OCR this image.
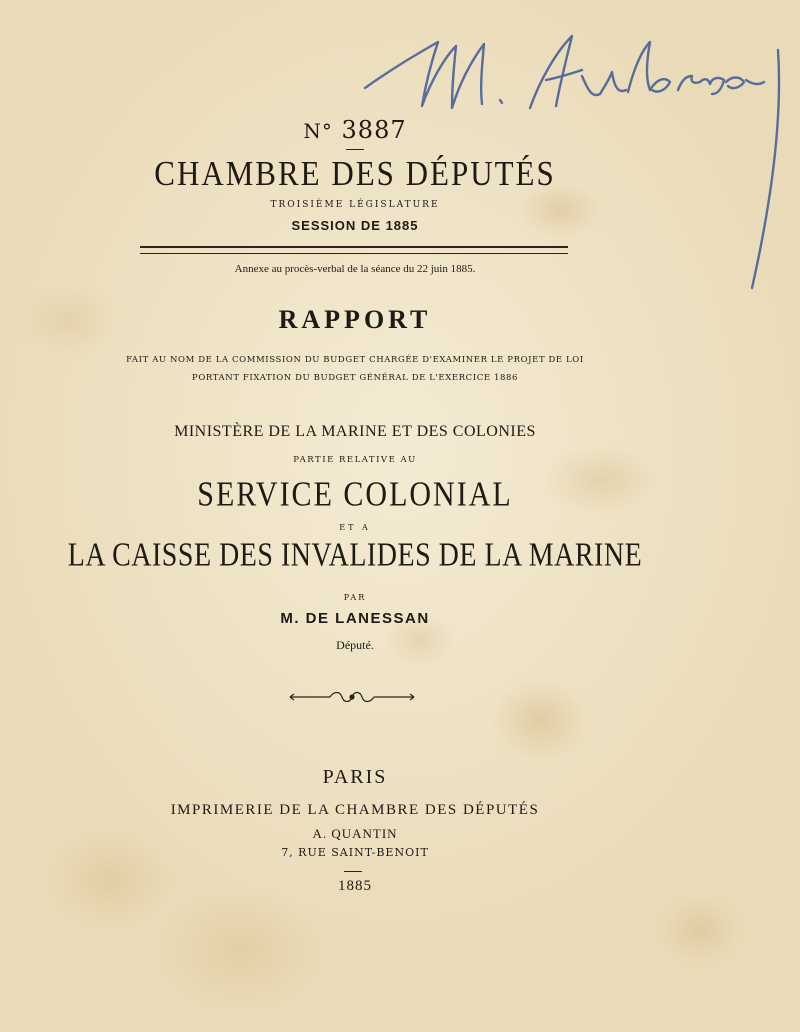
N° 3887
CHAMBRE DES DÉPUTÉS
TROISIÈME LÉGISLATURE
SESSION DE 1885
Annexe au procès-verbal de la séance du 22 juin 1885.
RAPPORT
FAIT AU NOM DE LA COMMISSION DU BUDGET CHARGÉE D'EXAMINER LE PROJET DE LOI
PORTANT FIXATION DU BUDGET GÉNÉRAL DE L'EXERCICE 1886
MINISTÈRE DE LA MARINE ET DES COLONIES
PARTIE RELATIVE AU
SERVICE COLONIAL
ET A
LA CAISSE DES INVALIDES DE LA MARINE
PAR
M. DE LANESSAN
Député.
PARIS
IMPRIMERIE DE LA CHAMBRE DES DÉPUTÉS
A. QUANTIN
7, RUE SAINT-BENOIT
1885
